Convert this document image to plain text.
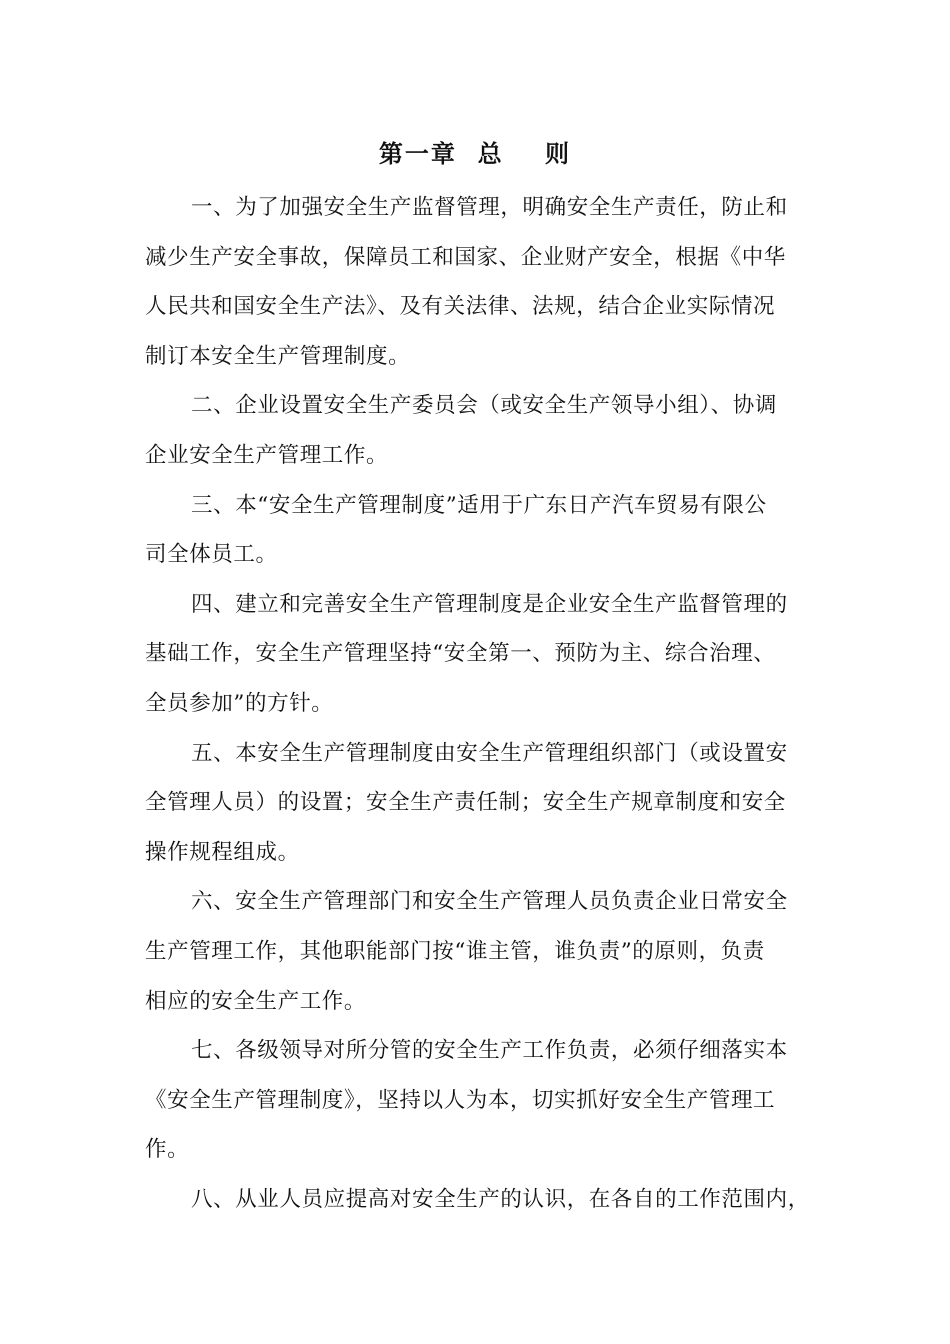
第一章  总    则
一、为了加强安全生产监督管理，明确安全生产责任，防止和
减少生产安全事故，保障员工和国家、企业财产安全，根据《中华
人民共和国安全生产法》、及有关法律、法规，结合企业实际情况
制订本安全生产管理制度。
二、企业设置安全生产委员会（或安全生产领导小组）、协调
企业安全生产管理工作。
三、本“安全生产管理制度”适用于广东日产汽车贸易有限公
司全体员工。
四、建立和完善安全生产管理制度是企业安全生产监督管理的
基础工作，安全生产管理坚持“安全第一、预防为主、综合治理、
全员参加”的方针。
五、本安全生产管理制度由安全生产管理组织部门（或设置安
全管理人员）的设置；安全生产责任制；安全生产规章制度和安全
操作规程组成。
六、安全生产管理部门和安全生产管理人员负责企业日常安全
生产管理工作，其他职能部门按“谁主管，谁负责”的原则，负责
相应的安全生产工作。
七、各级领导对所分管的安全生产工作负责，必须仔细落实本
《安全生产管理制度》，坚持以人为本，切实抓好安全生产管理工
作。
八、从业人员应提高对安全生产的认识，在各自的工作范围内，
